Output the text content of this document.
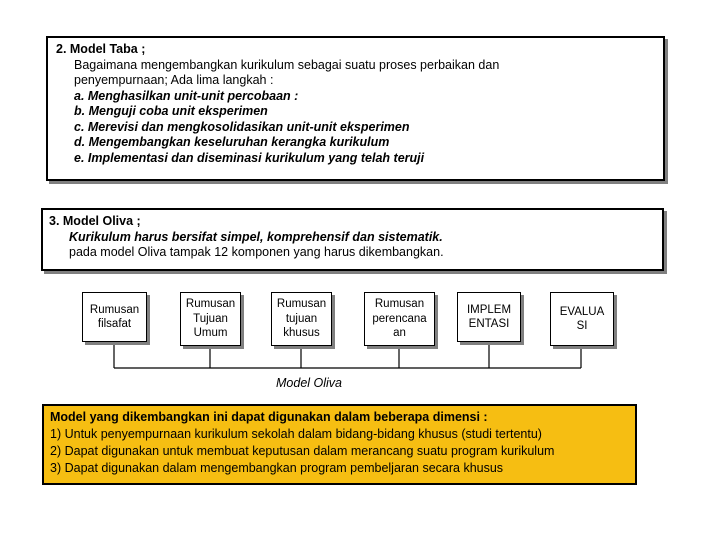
2. Model Taba ;
Bagaimana mengembangkan kurikulum sebagai suatu proses perbaikan dan
penyempurnaan; Ada lima langkah :
a. Menghasilkan unit-unit percobaan :
b. Menguji coba unit eksperimen
c. Merevisi dan mengkosolidasikan unit-unit eksperimen
d. Mengembangkan keseluruhan kerangka kurikulum
e. Implementasi dan diseminasi kurikulum yang telah teruji
3. Model Oliva ;
Kurikulum harus bersifat simpel, komprehensif dan sistematik.
pada model Oliva tampak 12 komponen yang harus dikembangkan.
Rumusan
filsafat
Rumusan
Tujuan
Umum
Rumusan
tujuan
khusus
Rumusan
perencana
an
IMPLEM
ENTASI
EVALUA
SI
Model Oliva
Model yang dikembangkan ini dapat digunakan dalam beberapa dimensi :
1) Untuk penyempurnaan kurikulum sekolah dalam bidang-bidang khusus (studi tertentu)
2) Dapat digunakan untuk membuat keputusan dalam merancang suatu program kurikulum
3) Dapat digunakan dalam mengembangkan program pembeljaran secara khusus
